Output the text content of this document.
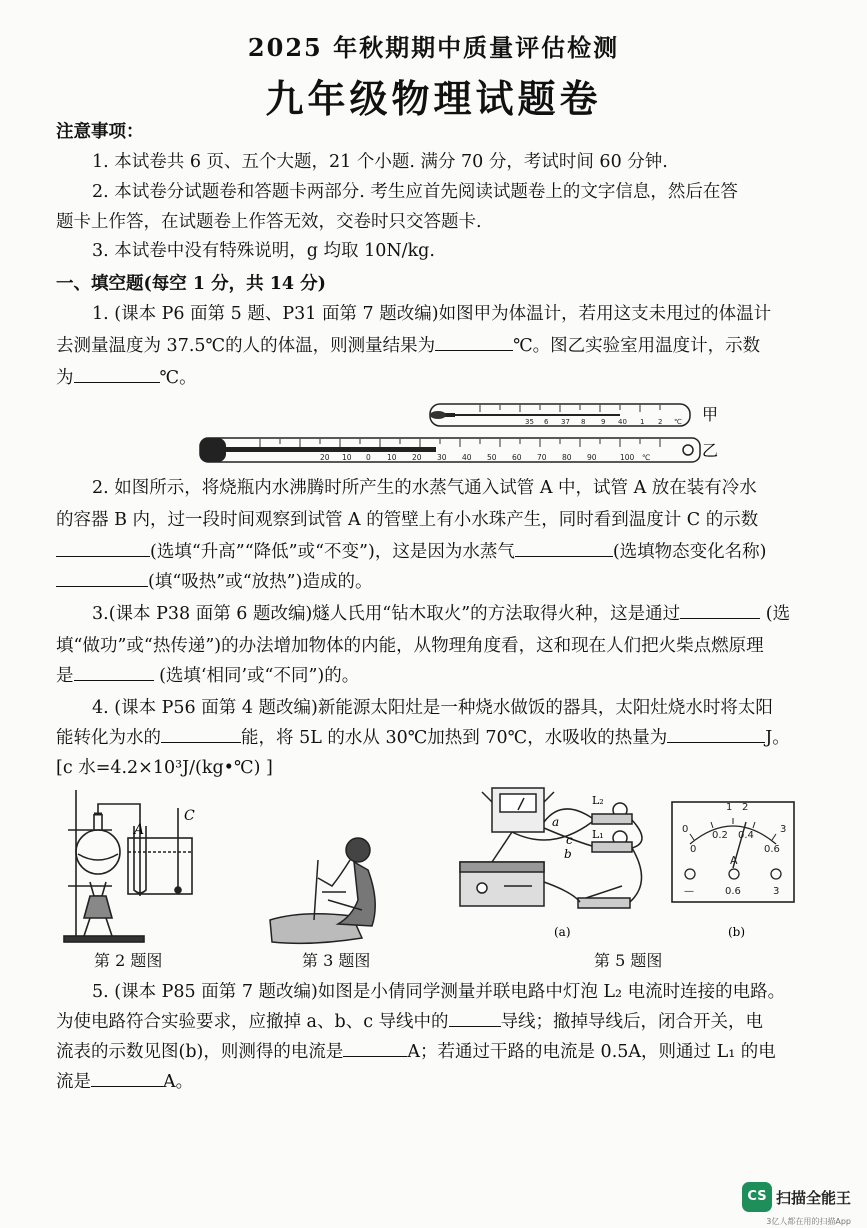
2025 年秋期期中质量评估检测
九年级物理试题卷
注意事项：
1. 本试卷共 6 页、五个大题，21 个小题. 满分 70 分，考试时间 60 分钟.
2. 本试卷分试题卷和答题卡两部分. 考生应首先阅读试题卷上的文字信息，然后在答
题卡上作答，在试题卷上作答无效，交卷时只交答题卡.
3. 本试卷中没有特殊说明，g 均取 10N/kg.
一、填空题(每空 1 分，共 14 分)
1. (课本 P6 面第 5 题、P31 面第 7 题改编)如图甲为体温计，若用这支未甩过的体温计
去测量温度为 37.5℃的人的体温，则测量结果为	℃。图乙实验室用温度计，示数
为	℃。
35 6 37 8 9 40 1 2 ℃ 甲
20 10 0 10 20 30 40 50 60 70 80 90	100 ℃	乙
2. 如图所示，将烧瓶内水沸腾时所产生的水蒸气通入试管 A 中，试管 A 放在装有冷水
的容器 B 内，过一段时间观察到试管 A 的管壁上有小水珠产生，同时看到温度计 C 的示数
(选填“升高”“降低”或“不变”)，这是因为水蒸气	(选填物态变化名称)
(填“吸热”或“放热”)造成的。
3.(课本 P38 面第 6 题改编)燧人氏用“钻木取火”的方法取得火种，这是通过	(选
填“做功”或“热传递”)的办法增加物体的内能，从物理角度看，这和现在人们把火柴点燃原理
是	(选填‘相同’或“不同”)的。
4. (课本 P56 面第 4 题改编)新能源太阳灶是一种烧水做饭的器具，太阳灶烧水时将太阳
能转化为水的	能，将 5L 的水从 30℃加热到 70℃，水吸收的热量为	J。
[c 水=4.2×10³J/(kg•℃) ]
A
C
L₂
L₁
a
c
b
(a)
0
1 2
3
0
0.2 0.4
0.6
A
—	0.6	3
(b)
第 2 题图	第 3 题图	第 5 题图
5. (课本 P85 面第 7 题改编)如图是小倩同学测量并联电路中灯泡 L₂ 电流时连接的电路。
为使电路符合实验要求，应撤掉 a、b、c 导线中的	导线；撤掉导线后，闭合开关，电
流表的示数见图(b)，则测得的电流是	A；若通过干路的电流是 0.5A，则通过 L₁ 的电
流是	A。
CS 扫描全能王
3亿人都在用的扫描App
